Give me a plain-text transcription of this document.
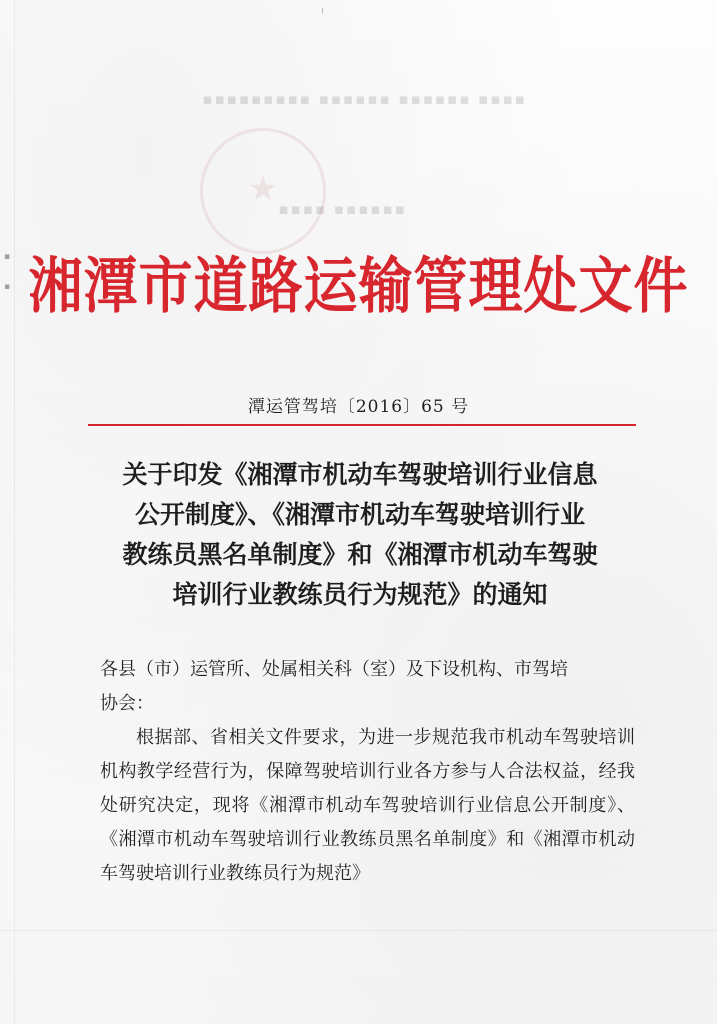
▪▪▪▪ ▪▪▪▪▪▪ ▪▪▪▪▪▪ ▪▪▪▪▪▪▪▪▪
▪▪▪▪▪▪ ▪▪▪▪
★
╷
▪
▪ 湘潭市道路运输管理处文件
潭运管驾培〔2016〕65 号
关于印发《湘潭市机动车驾驶培训行业信息
公开制度》、《湘潭市机动车驾驶培训行业
教练员黑名单制度》和《湘潭市机动车驾驶
培训行业教练员行为规范》的通知

各县（市）运管所、处属相关科（室）及下设机构、市驾培

协会：

根据部、省相关文件要求，为进一步规范我市机动车驾驶培训机构教学经营行为，保障驾驶培训行业各方参与人合法权益，经我处研究决定，现将《湘潭市机动车驾驶培训行业信息公开制度》、《湘潭市机动车驾驶培训行业教练员黑名单制度》和《湘潭市机动车驾驶培训行业教练员行为规范》
